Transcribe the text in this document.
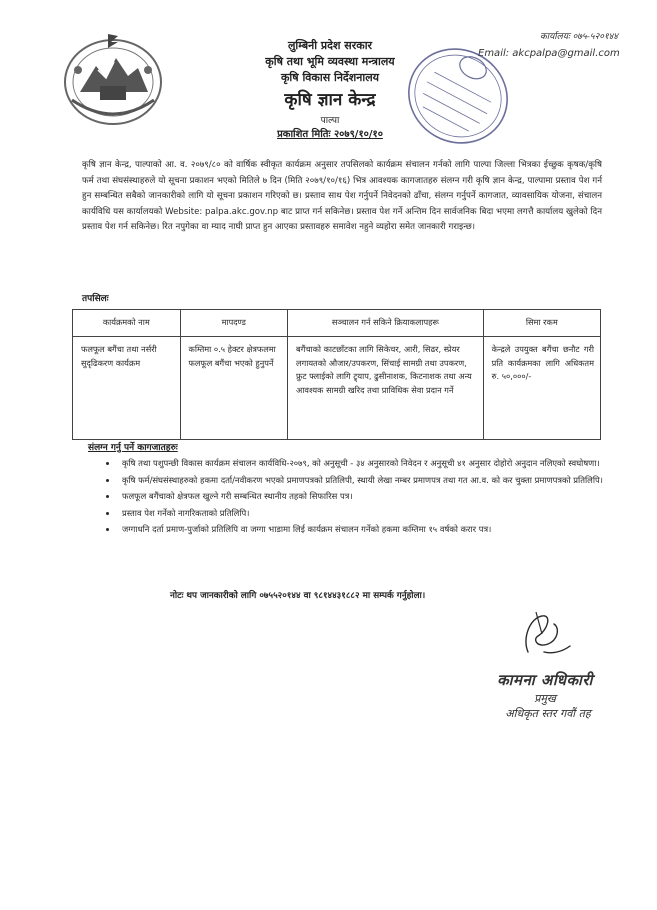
लुम्बिनी प्रदेश सरकार
कृषि तथा भूमि व्यवस्था मन्त्रालय
कृषि विकास निर्देशनालय
कृषि ज्ञान केन्द्र
पाल्पा
प्रकाशित मितिः २०७९/१०/१०
कार्यालयः ०७५-५२०१४४
Email: akcpalpa@gmail.com
कृषि ज्ञान केन्द्र, पाल्पाको आ. व. २०७९/८० को वार्षिक स्वीकृत कार्यक्रम अनुसार तपसिलको कार्यक्रम संचालन गर्नको लागि पाल्पा जिल्ला भित्रका ईच्छुक कृषक/कृषि फर्म तथा संघसंस्थाहरुले यो सूचना प्रकाशन भएको मितिले ७ दिन (मिति २०७९/१०/१६) भित्र आवश्यक कागजातहरु संलग्न गरी कृषि ज्ञान केन्द्र, पाल्पामा प्रस्ताव पेश गर्न हुन सम्बन्धित सबैको जानकारीको लागि यो सूचना प्रकाशन गरिएको छ। प्रस्ताव साथ पेश गर्नुपर्ने निवेदनको ढाँचा, संलग्न गर्नुपर्ने कागजात, व्यावसायिक योजना, संचालन कार्यविधि यस कार्यालयको Website: palpa.akc.gov.np बाट प्राप्त गर्न सकिनेछ। प्रस्ताव पेश गर्ने अन्तिम दिन सार्वजनिक बिदा भएमा लगत्तै कार्यालय खुलेको दिन प्रस्ताव पेश गर्न सकिनेछ। रित नपुगेका वा म्याद नाघी प्राप्त हुन आएका प्रस्तावहरु समावेश नहुने व्यहोरा समेत जानकारी गराइन्छ।
तपसिलः
कार्यक्रमको नाम	मापदण्ड	सञ्चालन गर्न सकिने क्रियाकलापहरू	सिमा रकम
फलफूल बगैंचा तथा नर्सरी सुदृढिकरण कार्यक्रम	कम्तिमा ०.५ हेक्टर क्षेत्रफलमा फलफूल बगैंचा भएको हुनुपर्ने	बगैंचाको काटछाँटका लागि सिकेचर, आरी, सिढर, स्प्रेयर लगायतको औजार/उपकरण, सिंचाई सामग्री तथा उपकरण, फ्रुट फ्लाईको लागि ट्र्याप, ढुसीनाशक, किटनाशक तथा अन्य आवश्यक सामग्री खरिद तथा प्राविधिक सेवा प्रदान गर्ने	केन्द्रले उपयुक्त बगैंचा छनौट गरी प्रति कार्यक्रमका लागि अधिकतम रु. ५०,०००/-
संलग्न गर्नु पर्ने कागजातहरुः
• कृषि तथा पशुपन्छी विकास कार्यक्रम संचालन कार्यविधि-२०७९, को अनुसूची - ३४ अनुसारको निवेदन र अनुसूची ४१ अनुसार दोहोरो अनुदान नलिएको स्वघोषणा।
• कृषि फर्म/संघसंस्थाहरुको हकमा दर्ता/नवीकरण भएको प्रमाणपत्रको प्रतिलिपी, स्थायी लेखा नम्बर प्रमाणपत्र तथा गत आ.व. को कर चुक्ता प्रमाणपत्रको प्रतिलिपि।
• फलफूल बगैंचाको क्षेत्रफल खुल्ने गरी सम्बन्धित स्थानीय तहको सिफारिस पत्र।
• प्रस्ताव पेश गर्नेको नागरिकताको प्रतिलिपि।
• जग्गाधनि दर्ता प्रमाण-पुर्जाको प्रतिलिपि वा जग्गा भाडामा लिई कार्यक्रम संचालन गर्नेको हकमा कम्तिमा १५ वर्षको करार पत्र।
नोटः थप जानकारीको लागि ०७५५२०१४४ वा ९८१४४३१८८२ मा सम्पर्क गर्नुहोला।
कामना अधिकारी
प्रमुख
अधिकृत स्तर गवौं तह
